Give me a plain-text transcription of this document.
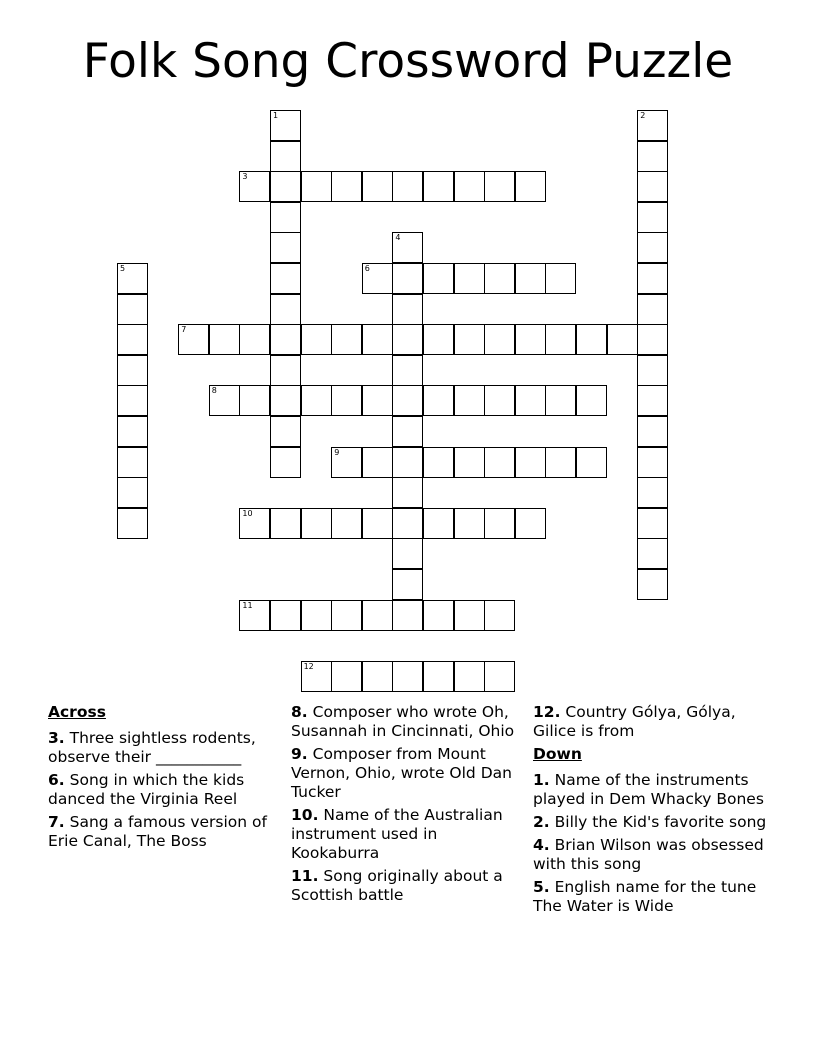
Folk Song Crossword Puzzle
1	2
3
4
5	6
7
8
9
10
11
12
Across
3. Three sightless rodents, observe their ___________
6. Song in which the kids danced the Virginia Reel
7. Sang a famous version of Erie Canal, The Boss
8. Composer who wrote Oh, Susannah in Cincinnati, Ohio
9. Composer from Mount Vernon, Ohio, wrote Old Dan Tucker
10. Name of the Australian instrument used in Kookaburra
11. Song originally about a Scottish battle
12. Country Gólya, Gólya, Gilice is from
Down
1. Name of the instruments played in Dem Whacky Bones
2. Billy the Kid's favorite song
4. Brian Wilson was obsessed with this song
5. English name for the tune The Water is Wide
